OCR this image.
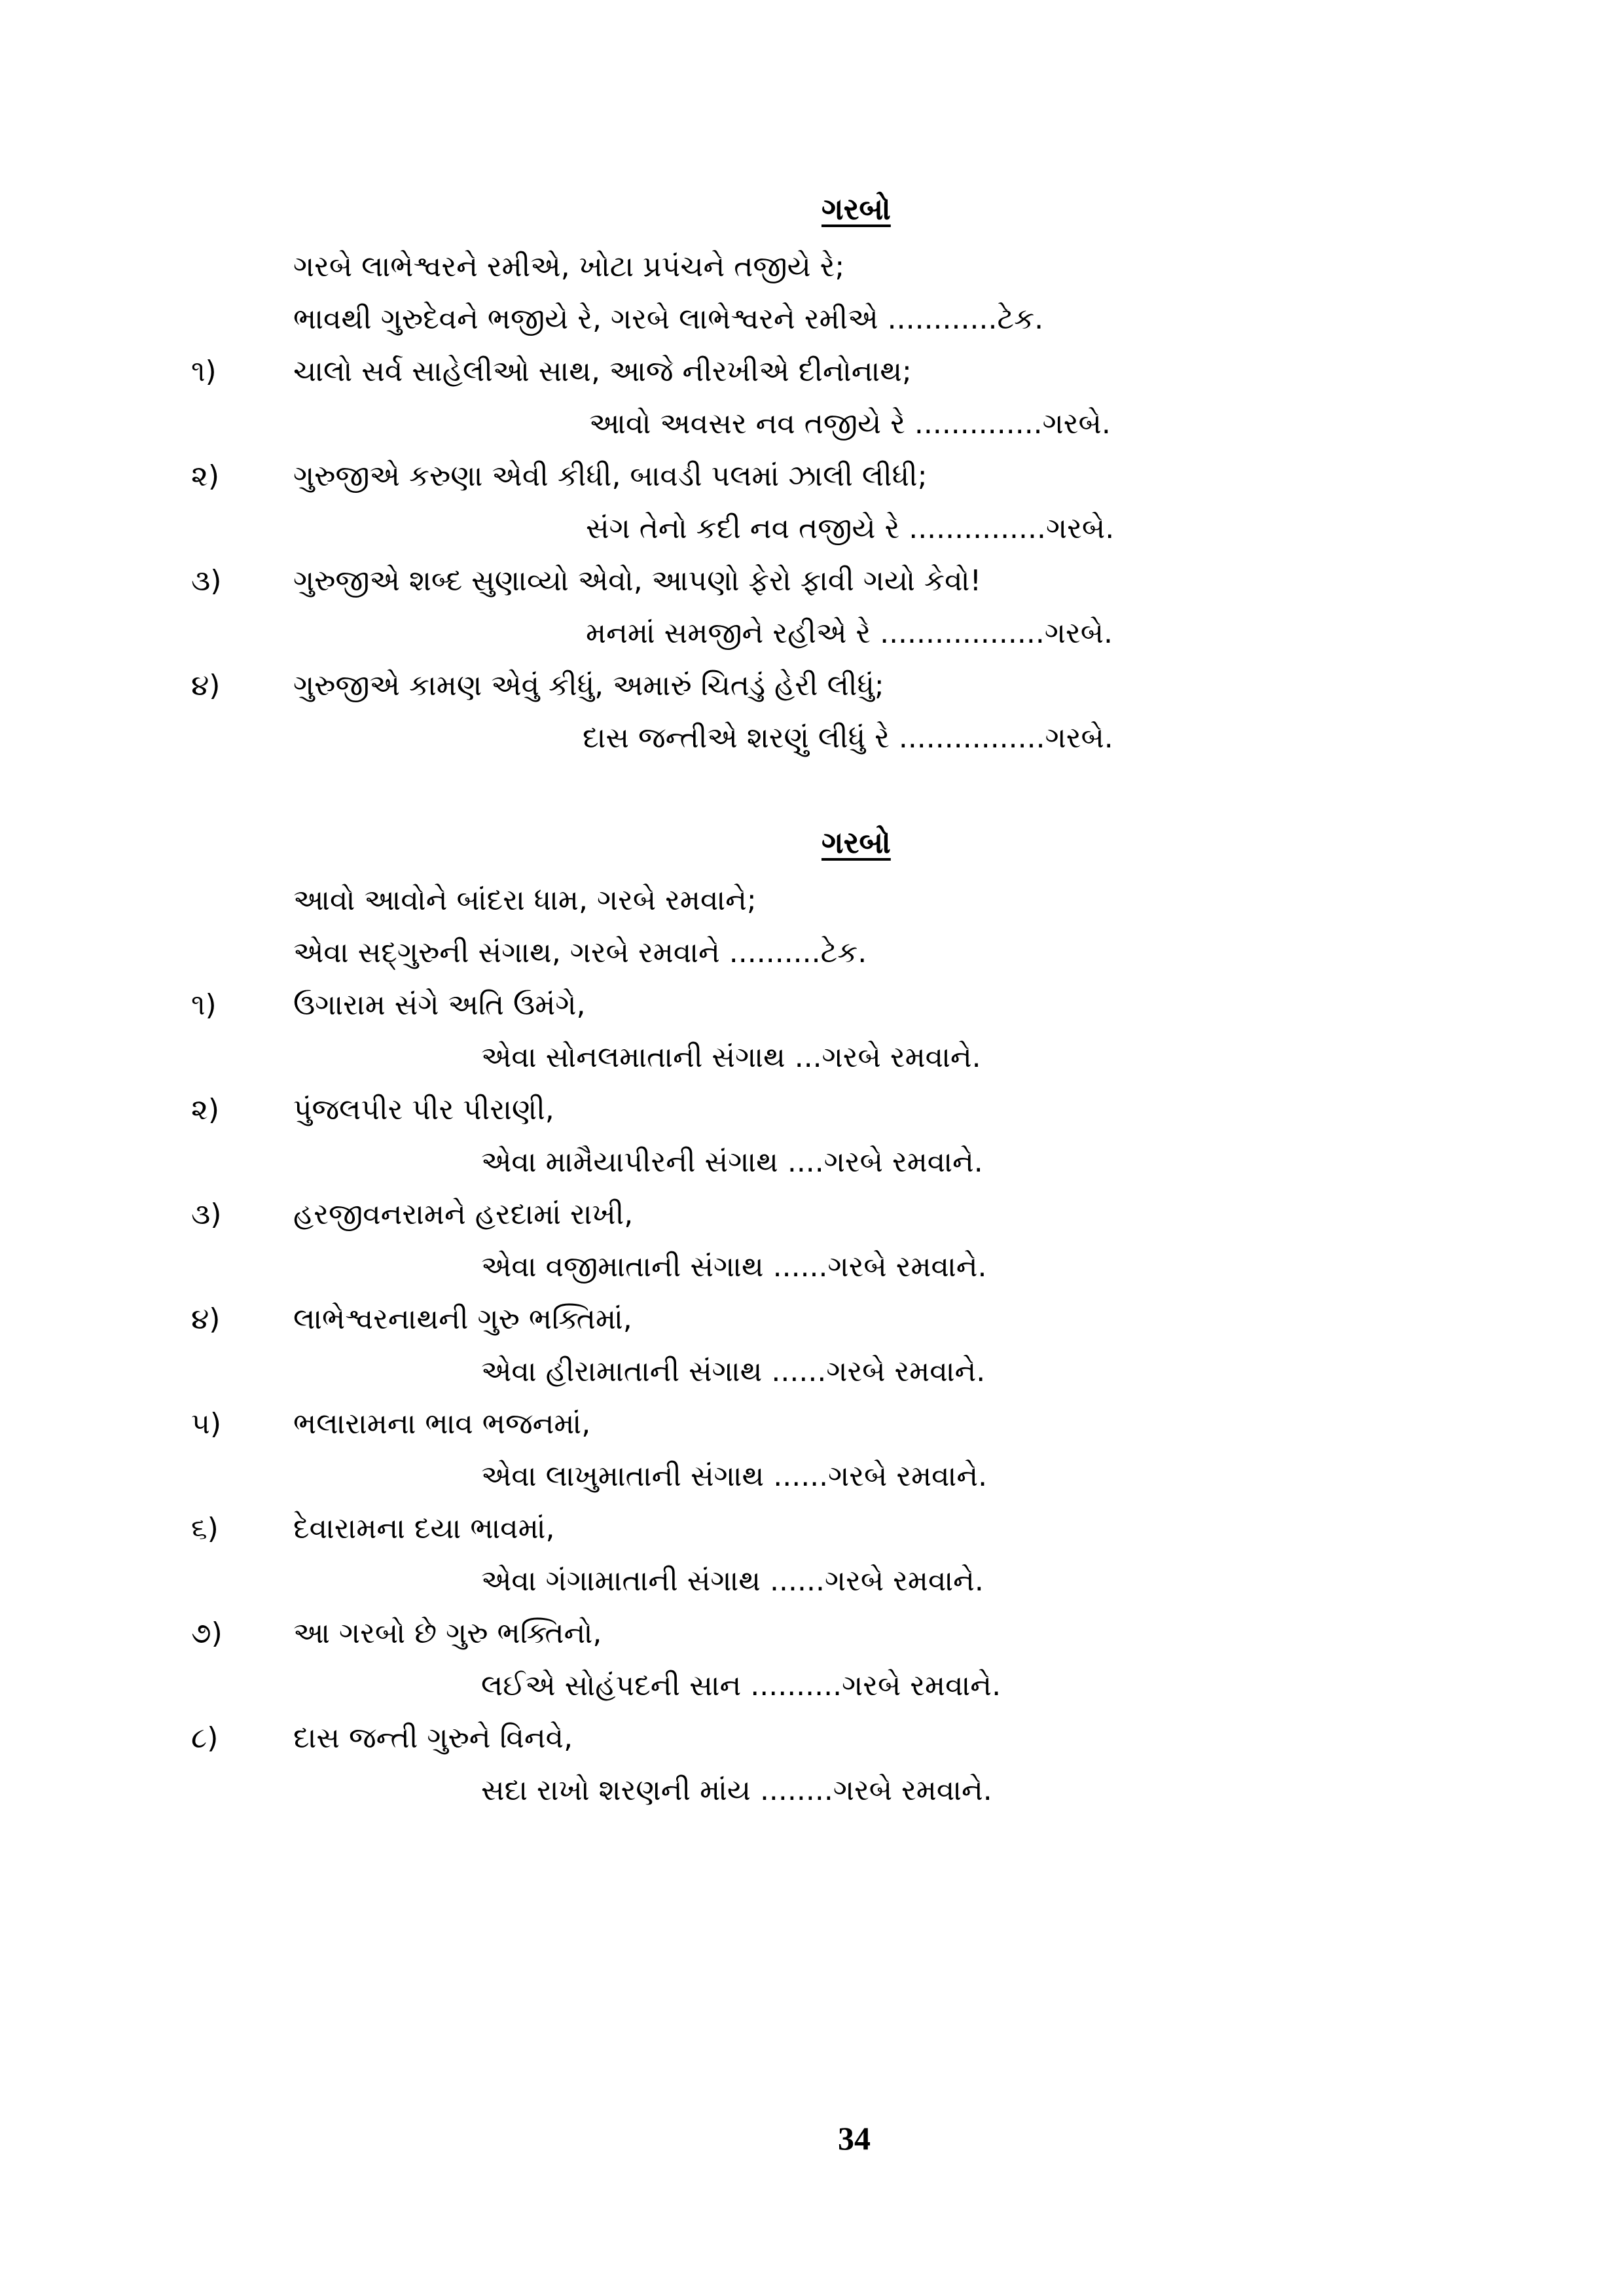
ગરબો
ગરબે લાભેશ્વરને રમીએ, ખોટા પ્રપંચને તજીયે રે;
ભાવથી ગુરુદેવને ભજીયે રે, ગરબે લાભેશ્વરને રમીએ ............ટેક.
૧)	ચાલો સર્વ સાહેલીઓ સાથ, આજે નીરખીએ દીનોનાથ;
આવો અવસર નવ તજીયે રે ..............ગરબે.
૨)	ગુરુજીએ કરુણા એવી કીધી, બાવડી પલમાં ઝાલી લીધી;
સંગ તેનો કદી નવ તજીયે રે ...............ગરબે.
૩) ગુરુજીએ શબ્દ સુણાવ્યો એવો, આપણો ફેરો ફાવી ગયો કેવો!
મનમાં સમજીને રહીએ રે ..................ગરબે.
૪)	ગુરુજીએ કામણ એવું કીધું, અમારું ચિતડું હેરી લીધું;
દાસ જન્તીએ શરણું લીધું રે ................ગરબે.
ગરબો
આવો આવોને બાંદરા ધામ, ગરબે રમવાને;
એવા સદ્‌ગુરુની સંગાથ, ગરબે રમવાને ..........ટેક.
૧)	ઉગારામ સંગે અતિ ઉમંગે,
એવા સોનલમાતાની સંગાથ ...ગરબે રમવાને.
૨)	પુંજલપીર પીર પીરાણી,
એવા મામૈયાપીરની સંગાથ ....ગરબે રમવાને.
૩) હરજીવનરામને હરદામાં રાખી,
એવા વજીમાતાની સંગાથ ......ગરબે રમવાને.
૪)	લાભેશ્વરનાથની ગુરુ ભક્તિમાં,
એવા હીરામાતાની સંગાથ ......ગરબે રમવાને.
૫) ભલારામના ભાવ ભજનમાં,
એવા લાખુમાતાની સંગાથ ......ગરબે રમવાને.
૬)	દેવારામના દયા ભાવમાં,
એવા ગંગામાતાની સંગાથ ......ગરબે રમવાને.
૭) આ ગરબો છે ગુરુ ભક્તિનો,
લઈએ સોહંપદની સાન ..........ગરબે રમવાને.
૮)	દાસ જન્તી ગુરુને વિનવે,
સદા રાખો શરણની માંય ........ગરબે રમવાને.
34
